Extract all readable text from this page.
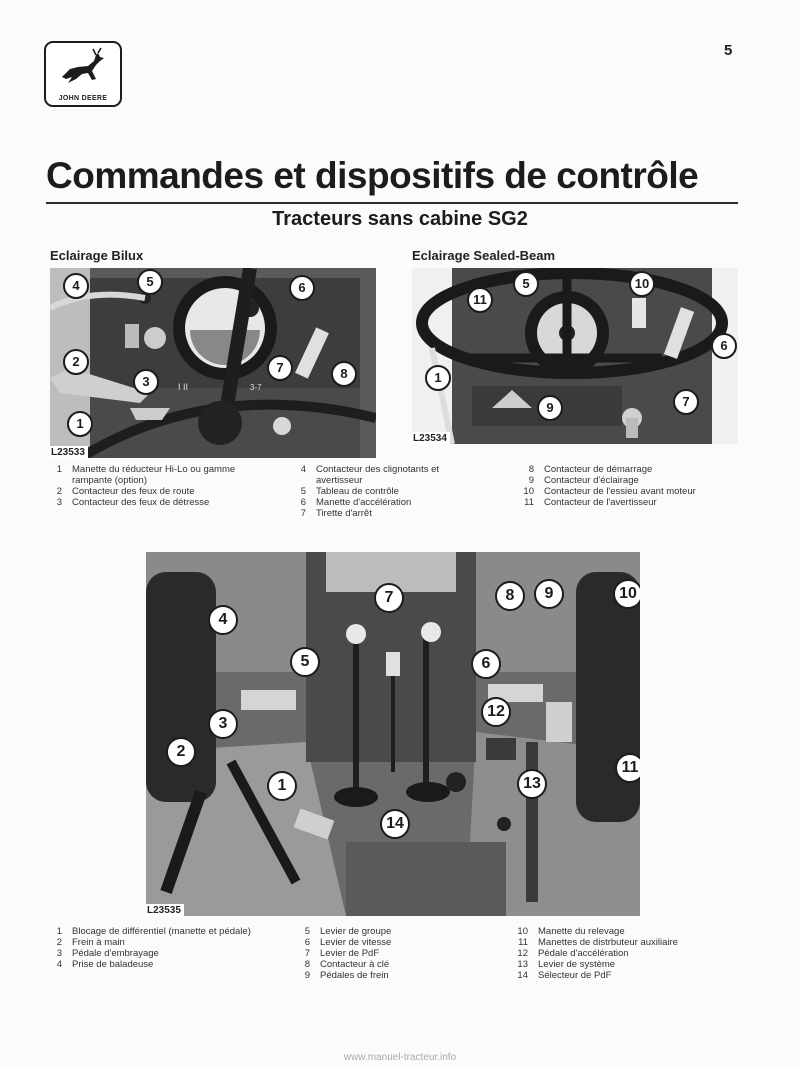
JOHN DEERE
5
Commandes et dispositifs de contrôle
Tracteurs sans cabine SG2
Eclairage Bilux
I II	3-7
4	5	6
2
3
7	8
1
L23533
Eclairage Sealed-Beam
5	10
11
6
1
9	7
L23534
1	Manette du réducteur Hi-Lo ou gamme rampante (option)
2	Contacteur des feux de route
3	Contacteur des feux de détresse
4	Contacteur des clignotants et avertisseur
5	Tableau de contrôle
6	Manette d'accélération
7	Tirette d'arrêt
8	Contacteur de démarrage
9	Contacteur d'éclairage
10	Contacteur de l'essieu avant moteur
11	Contacteur de l'avertisseur
7	8	9	10
4
5	6
3
12
2
11
1	13
14
L23535
1	Blocage de différentiel (manette et pédale)
2	Frein à main
3	Pédale d'embrayage
4	Prise de baladeuse
5	Levier de groupe
6	Levier de vitesse
7	Levier de PdF
8	Contacteur à clé
9	Pédales de frein
10	Manette du relevage
11	Manettes de distrbuteur auxiliaire
12	Pédale d'accélération
13	Levier de système
14	Sélecteur de PdF
www.manuel-tracteur.info
